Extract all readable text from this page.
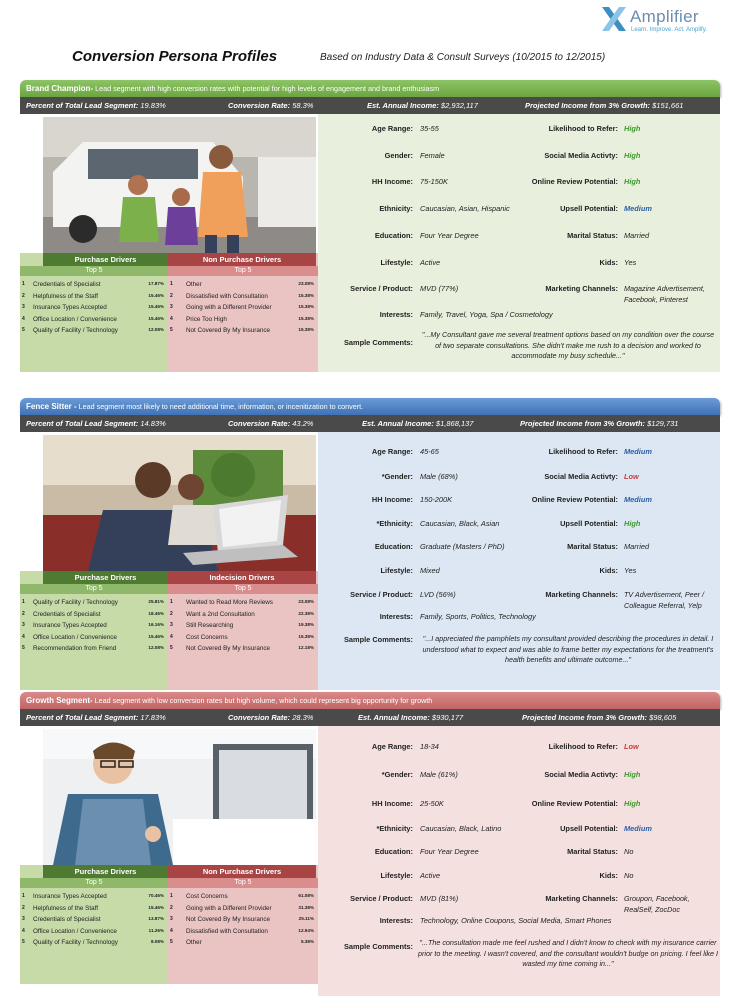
Amplifier
Learn. Improve. Act. Amplify.
Conversion Persona Profiles	Based on Industry Data & Consult Surveys (10/2015 to 12/2015)
Brand Champion- Lead segment with high conversion rates with potential for high levels of engagement and brand enthusiasm
Percent of Total Lead Segment: 19.83%	Conversion Rate: 58.3%	Est. Annual Income: $2,932,117	Projected Income from 3% Growth: $151,661
Purchase Drivers
Top 5
1 Credentials of Specialist	17.87%
2 Helpfulness of the Staff	15.46%
3 Insurance Types Accepted	15.46%
4 Office Location / Convenience	15.46%
5 Quality of Facility / Technology	12.08%
Non Purchase Drivers
Top 5
1 Other	23.08%
2 Dissatisfied with Consultation	15.38%
3 Going with a Different Provider	15.38%
4 Price Too High	15.38%
5 Not Covered By My Insurance	15.38%
Age Range: 35-55
Gender: Female
HH Income: 75-150K
Ethnicity: Caucasian, Asian, Hispanic
Education: Four Year Degree
Lifestyle: Active
Service / Product: MVD (77%)
Interests: Family, Travel, Yoga, Spa / Cosmetology
Sample Comments:
"...My Consultant gave me several treatment options based on my condition over the course of two separate consultations. She didn't make me rush to a decision and worked to accommodate my busy schedule..."
Likelihood to Refer: High
Social Media Activty: High
Online Review Potential: High
Upsell Potential: Medium
Marital Status: Married
Kids: Yes
Marketing Channels: Magazine Advertisement, Facebook, Pinterest
Fence Sitter - Lead segment most likely to need additional time, information, or incenitization to convert.
Percent of Total Lead Segment: 14.83%	Conversion Rate: 43.2%	Est. Annual Income: $1,868,137	Projected Income from 3% Growth: $129,731
Purchase Drivers
Top 5
1 Quality of Facility / Technology	25.81%
2 Credentials of Specialist	18.46%
3 Insurance Types Accepted	16.16%
4 Office Location / Convenience	15.46%
5 Recommendation from Friend	12.08%
Indecision Drivers
Top 5
1 Wanted to Read More Reviews	23.08%
2 Want a 2nd Consultation	22.38%
3 Still Researching	19.38%
4 Cost Concerns	15.38%
5 Not Covered By My Insurance	12.18%
Age Range: 45-65
*Gender: Male (68%)
HH Income: 150-200K
*Ethnicity: Caucasian, Black, Asian
Education: Graduate (Masters / PhD)
Lifestyle: Mixed
Service / Product: LVD (56%)
Interests: Family, Sports, Politics, Technology
Sample Comments:	"...I appreciated the pamphlets my consultant provided describing the procedures in detail. I understood what to expect and was able to frame better my expectations for the treatment's health benefits and ultimate outcome..."
Likelihood to Refer: Medium
Social Media Activty: Low
Online Review Potential: Medium
Upsell Potential: High
Marital Status: Married
Kids: Yes
Marketing Channels: TV Advertisement, Peer / Colleague Referral, Yelp
Growth Segment- Lead segment with low conversion rates but high volume, which could represent big opportunity for growth
Percent of Total Lead Segment: 17.83%	Conversion Rate: 28.3%	Est. Annual Income: $930,177	Projected Income from 3% Growth: $98,605
Purchase Drivers
Top 5
1 Insurance Types Accepted	70.46%
2 Helpfulness of the Staff	15.46%
3 Credentials of Specialist	13.87%
4 Office Location / Convenience	11.26%
5 Quality of Facility / Technology	8.08%
Non Purchase Drivers
Top 5
1 Cost Concerns	61.08%
2 Going with a Different Provider	31.38%
3 Not Covered By My Insurance	25.11%
4 Dissatisfied with Consultation	12.94%
5 Other	5.38%
Age Range: 18-34
*Gender: Male (61%)
HH Income: 25-50K
*Ethnicity: Caucasian, Black, Latino
Education: Four Year Degree
Lifestyle: Active
Service / Product: MVD (81%)
Interests: Technology, Online Coupons, Social Media, Smart Phones
Sample Comments: "...The consultation made me feel rushed and I didn't know to check with my insurance carrier prior to the meeting. I wasn't covered, and the consultant wouldn't budge on pricing. I feel like I wasted my time coming in..."
Likelihood to Refer: Low
Social Media Activty: High
Online Review Potential: High
Upsell Potential: Medium
Marital Status: No
Kids: No
Marketing Channels: Groupon, Facebook, RealSelf, ZocDoc
